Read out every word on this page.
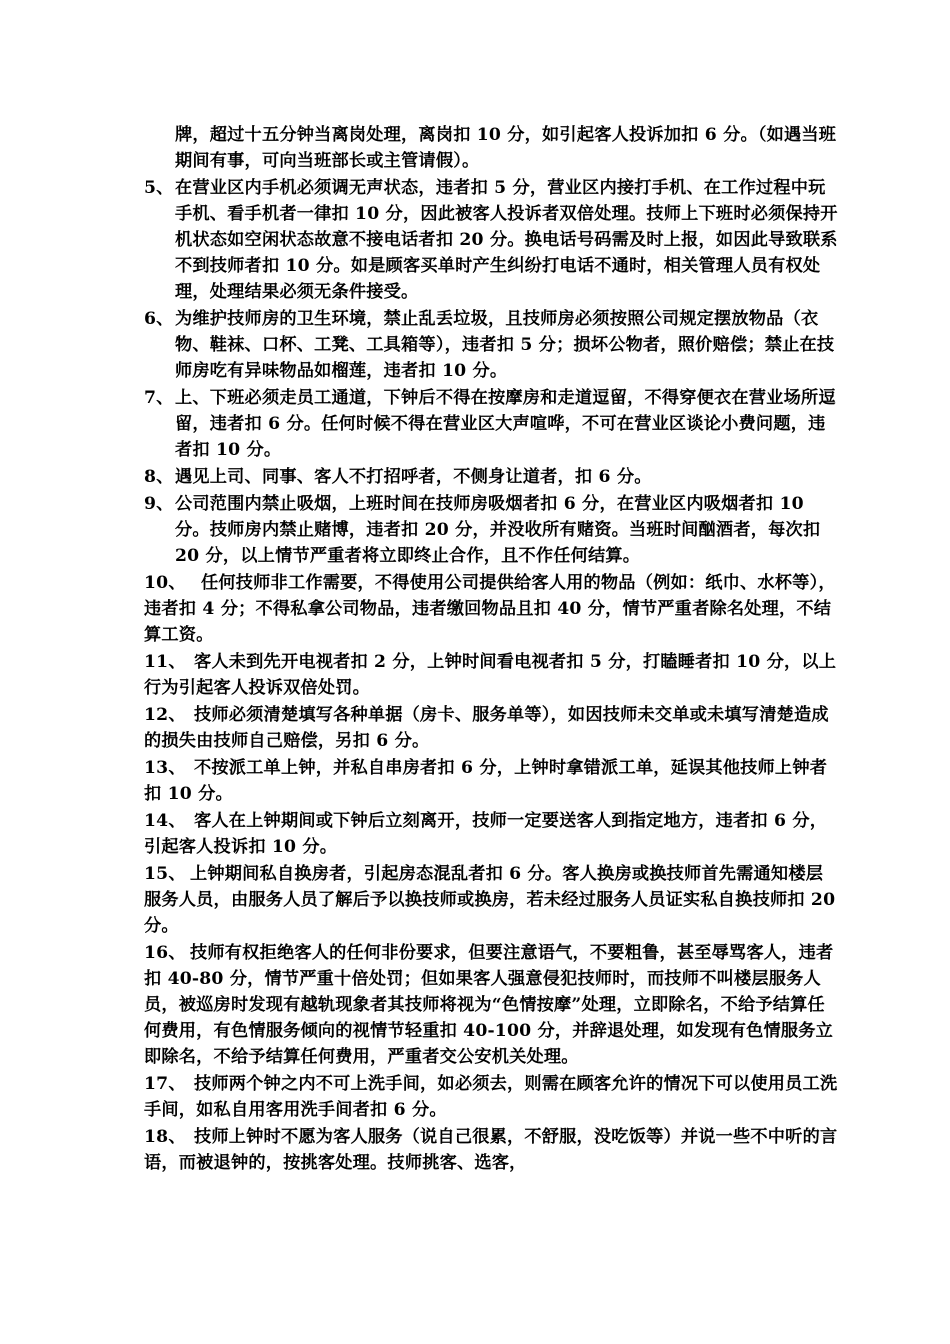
牌，超过十五分钟当离岗处理，离岗扣 10 分，如引起客人投诉加扣 6 分。（如遇当班期间有事，可向当班部长或主管请假）。
5、 在营业区内手机必须调无声状态，违者扣 5 分，营业区内接打手机、在工作过程中玩手机、看手机者一律扣 10 分，因此被客人投诉者双倍处理。技师上下班时必须保持开机状态如空闲状态故意不接电话者扣 20 分。换电话号码需及时上报，如因此导致联系不到技师者扣 10 分。如是顾客买单时产生纠纷打电话不通时，相关管理人员有权处理，处理结果必须无条件接受。
6、 为维护技师房的卫生环境，禁止乱丢垃圾，且技师房必须按照公司规定摆放物品（衣物、鞋袜、口杯、工凳、工具箱等），违者扣 5 分；损坏公物者，照价赔偿；禁止在技师房吃有异味物品如榴莲，违者扣 10 分。
7、 上、下班必须走员工通道，下钟后不得在按摩房和走道逗留，不得穿便衣在营业场所逗留，违者扣 6 分。任何时候不得在营业区大声喧哗，不可在营业区谈论小费问题，违者扣 10 分。
8、 遇见上司、同事、客人不打招呼者，不侧身让道者，扣 6 分。
9、 公司范围内禁止吸烟，上班时间在技师房吸烟者扣 6 分，在营业区内吸烟者扣 10 分。技师房内禁止赌博，违者扣 20 分，并没收所有赌资。当班时间酗酒者，每次扣 20 分，以上情节严重者将立即终止合作，且不作任何结算。
10、 任何技师非工作需要，不得使用公司提供给客人用的物品（例如：纸巾、水杯等），违者扣 4 分；不得私拿公司物品，违者缴回物品且扣 40 分，情节严重者除名处理，不结算工资。
11、 客人未到先开电视者扣 2 分，上钟时间看电视者扣 5 分，打瞌睡者扣 10 分，以上行为引起客人投诉双倍处罚。
12、 技师必须清楚填写各种单据（房卡、服务单等），如因技师未交单或未填写清楚造成的损失由技师自己赔偿，另扣 6 分。
13、 不按派工单上钟，并私自串房者扣 6 分，上钟时拿错派工单，延误其他技师上钟者扣 10 分。
14、 客人在上钟期间或下钟后立刻离开，技师一定要送客人到指定地方，违者扣 6 分，引起客人投诉扣 10 分。
15、 上钟期间私自换房者，引起房态混乱者扣 6 分。客人换房或换技师首先需通知楼层服务人员，由服务人员了解后予以换技师或换房，若未经过服务人员证实私自换技师扣 20 分。
16、 技师有权拒绝客人的任何非份要求，但要注意语气，不要粗鲁，甚至辱骂客人，违者扣 40-80 分，情节严重十倍处罚；但如果客人强意侵犯技师时，而技师不叫楼层服务人员，被巡房时发现有越轨现象者其技师将视为“色情按摩”处理，立即除名，不给予结算任何费用，有色情服务倾向的视情节轻重扣 40-100 分，并辞退处理，如发现有色情服务立即除名，不给予结算任何费用，严重者交公安机关处理。
17、 技师两个钟之内不可上洗手间，如必须去，则需在顾客允许的情况下可以使用员工洗手间，如私自用客用洗手间者扣 6 分。
18、 技师上钟时不愿为客人服务（说自己很累，不舒服，没吃饭等）并说一些不中听的言语，而被退钟的，按挑客处理。技师挑客、选客，
